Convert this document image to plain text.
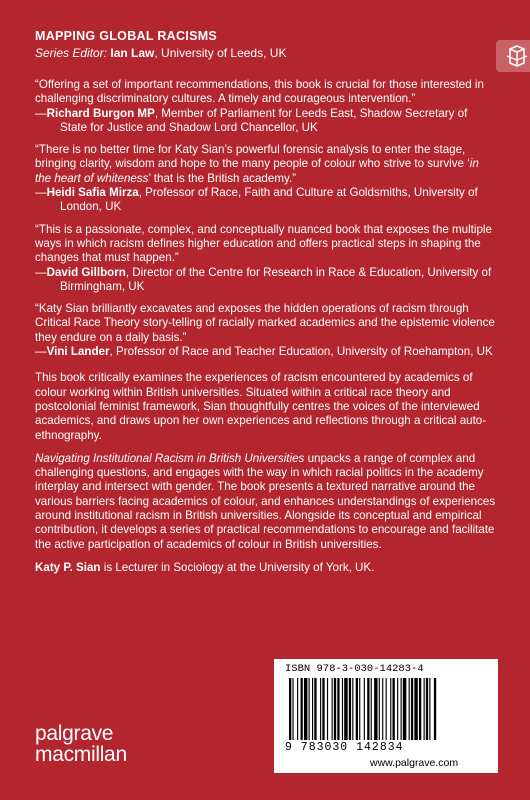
MAPPING GLOBAL RACISMS
Series Editor: Ian Law, University of Leeds, UK

“Offering a set of important recommendations, this book is crucial for those interested in challenging discriminatory cultures. A timely and courageous intervention.”

—Richard Burgon MP, Member of Parliament for Leeds East, Shadow Secretary of State for Justice and Shadow Lord Chancellor, UK

“There is no better time for Katy Sian’s powerful forensic analysis to enter the stage, bringing clarity, wisdom and hope to the many people of colour who strive to survive ‘in the heart of whiteness’ that is the British academy.”

—Heidi Safia Mirza, Professor of Race, Faith and Culture at Goldsmiths, University of London, UK

“This is a passionate, complex, and conceptually nuanced book that exposes the multiple ways in which racism defines higher education and offers practical steps in shaping the changes that must happen.”

—David Gillborn, Director of the Centre for Research in Race & Education, University of Birmingham, UK

“Katy Sian brilliantly excavates and exposes the hidden operations of racism through Critical Race Theory story-telling of racially marked academics and the epistemic violence they endure on a daily basis.”

—Vini Lander, Professor of Race and Teacher Education, University of Roehampton, UK

This book critically examines the experiences of racism encountered by academics of colour working within British universities. Situated within a critical race theory and postcolonial feminist framework, Sian thoughtfully centres the voices of the interviewed academics, and draws upon her own experiences and reflections through a critical auto-ethnography.

Navigating Institutional Racism in British Universities unpacks a range of complex and challenging questions, and engages with the way in which racial politics in the academy interplay and intersect with gender. The book presents a textured narrative around the various barriers facing academics of colour, and enhances understandings of experiences around institutional racism in British universities. Alongside its conceptual and empirical contribution, it develops a series of practical recommendations to encourage and facilitate the active participation of academics of colour in British universities.

Katy P. Sian is Lecturer in Sociology at the University of York, UK.

palgrave
macmillan
ISBN 978-3-030-14283-4
9 783030 142834
www.palgrave.com
